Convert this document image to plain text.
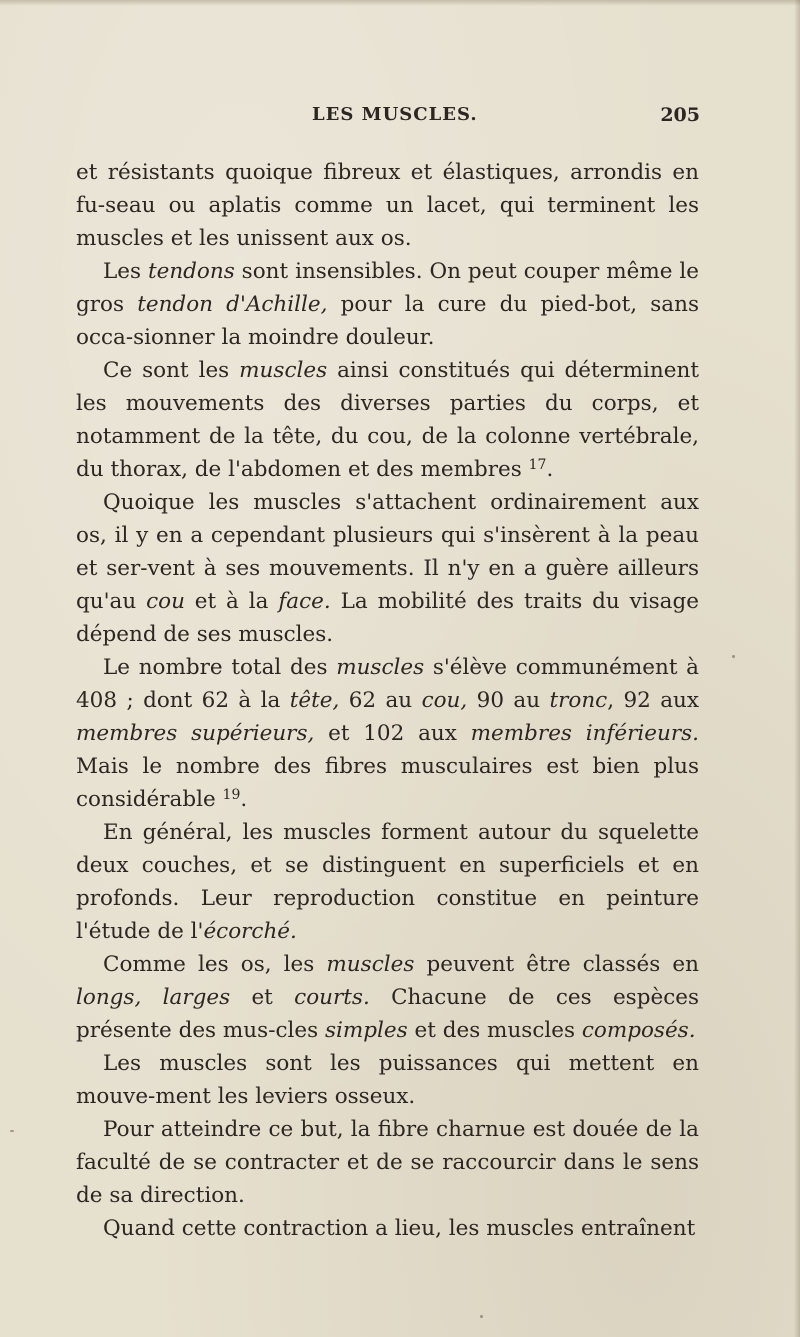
LES MUSCLES.	205

et résistants quoique fibreux et élastiques, arrondis en fu-seau ou aplatis comme un lacet, qui terminent les muscles et les unissent aux os.

Les tendons sont insensibles. On peut couper même le gros tendon d'Achille, pour la cure du pied-bot, sans occa-sionner la moindre douleur.

Ce sont les muscles ainsi constitués qui déterminent les mouvements des diverses parties du corps, et notamment de la tête, du cou, de la colonne vertébrale, du thorax, de l'abdomen et des membres $^{17}$.

Quoique les muscles s'attachent ordinairement aux os, il y en a cependant plusieurs qui s'insèrent à la peau et ser-vent à ses mouvements. Il n'y en a guère ailleurs qu'au cou et à la face. La mobilité des traits du visage dépend de ses muscles.

Le nombre total des muscles s'élève communément à 408 ; dont 62 à la tête, 62 au cou, 90 au tronc, 92 aux membres supérieurs, et 102 aux membres inférieurs. Mais le nombre des fibres musculaires est bien plus considérable $^{19}$.

En général, les muscles forment autour du squelette deux couches, et se distinguent en superficiels et en profonds. Leur reproduction constitue en peinture l'étude de l'écorché.

Comme les os, les muscles peuvent être classés en longs, larges et courts. Chacune de ces espèces présente des mus-cles simples et des muscles composés.

Les muscles sont les puissances qui mettent en mouve-ment les leviers osseux.

Pour atteindre ce but, la fibre charnue est douée de la faculté de se contracter et de se raccourcir dans le sens de sa direction.

Quand cette contraction a lieu, les muscles entraînent
